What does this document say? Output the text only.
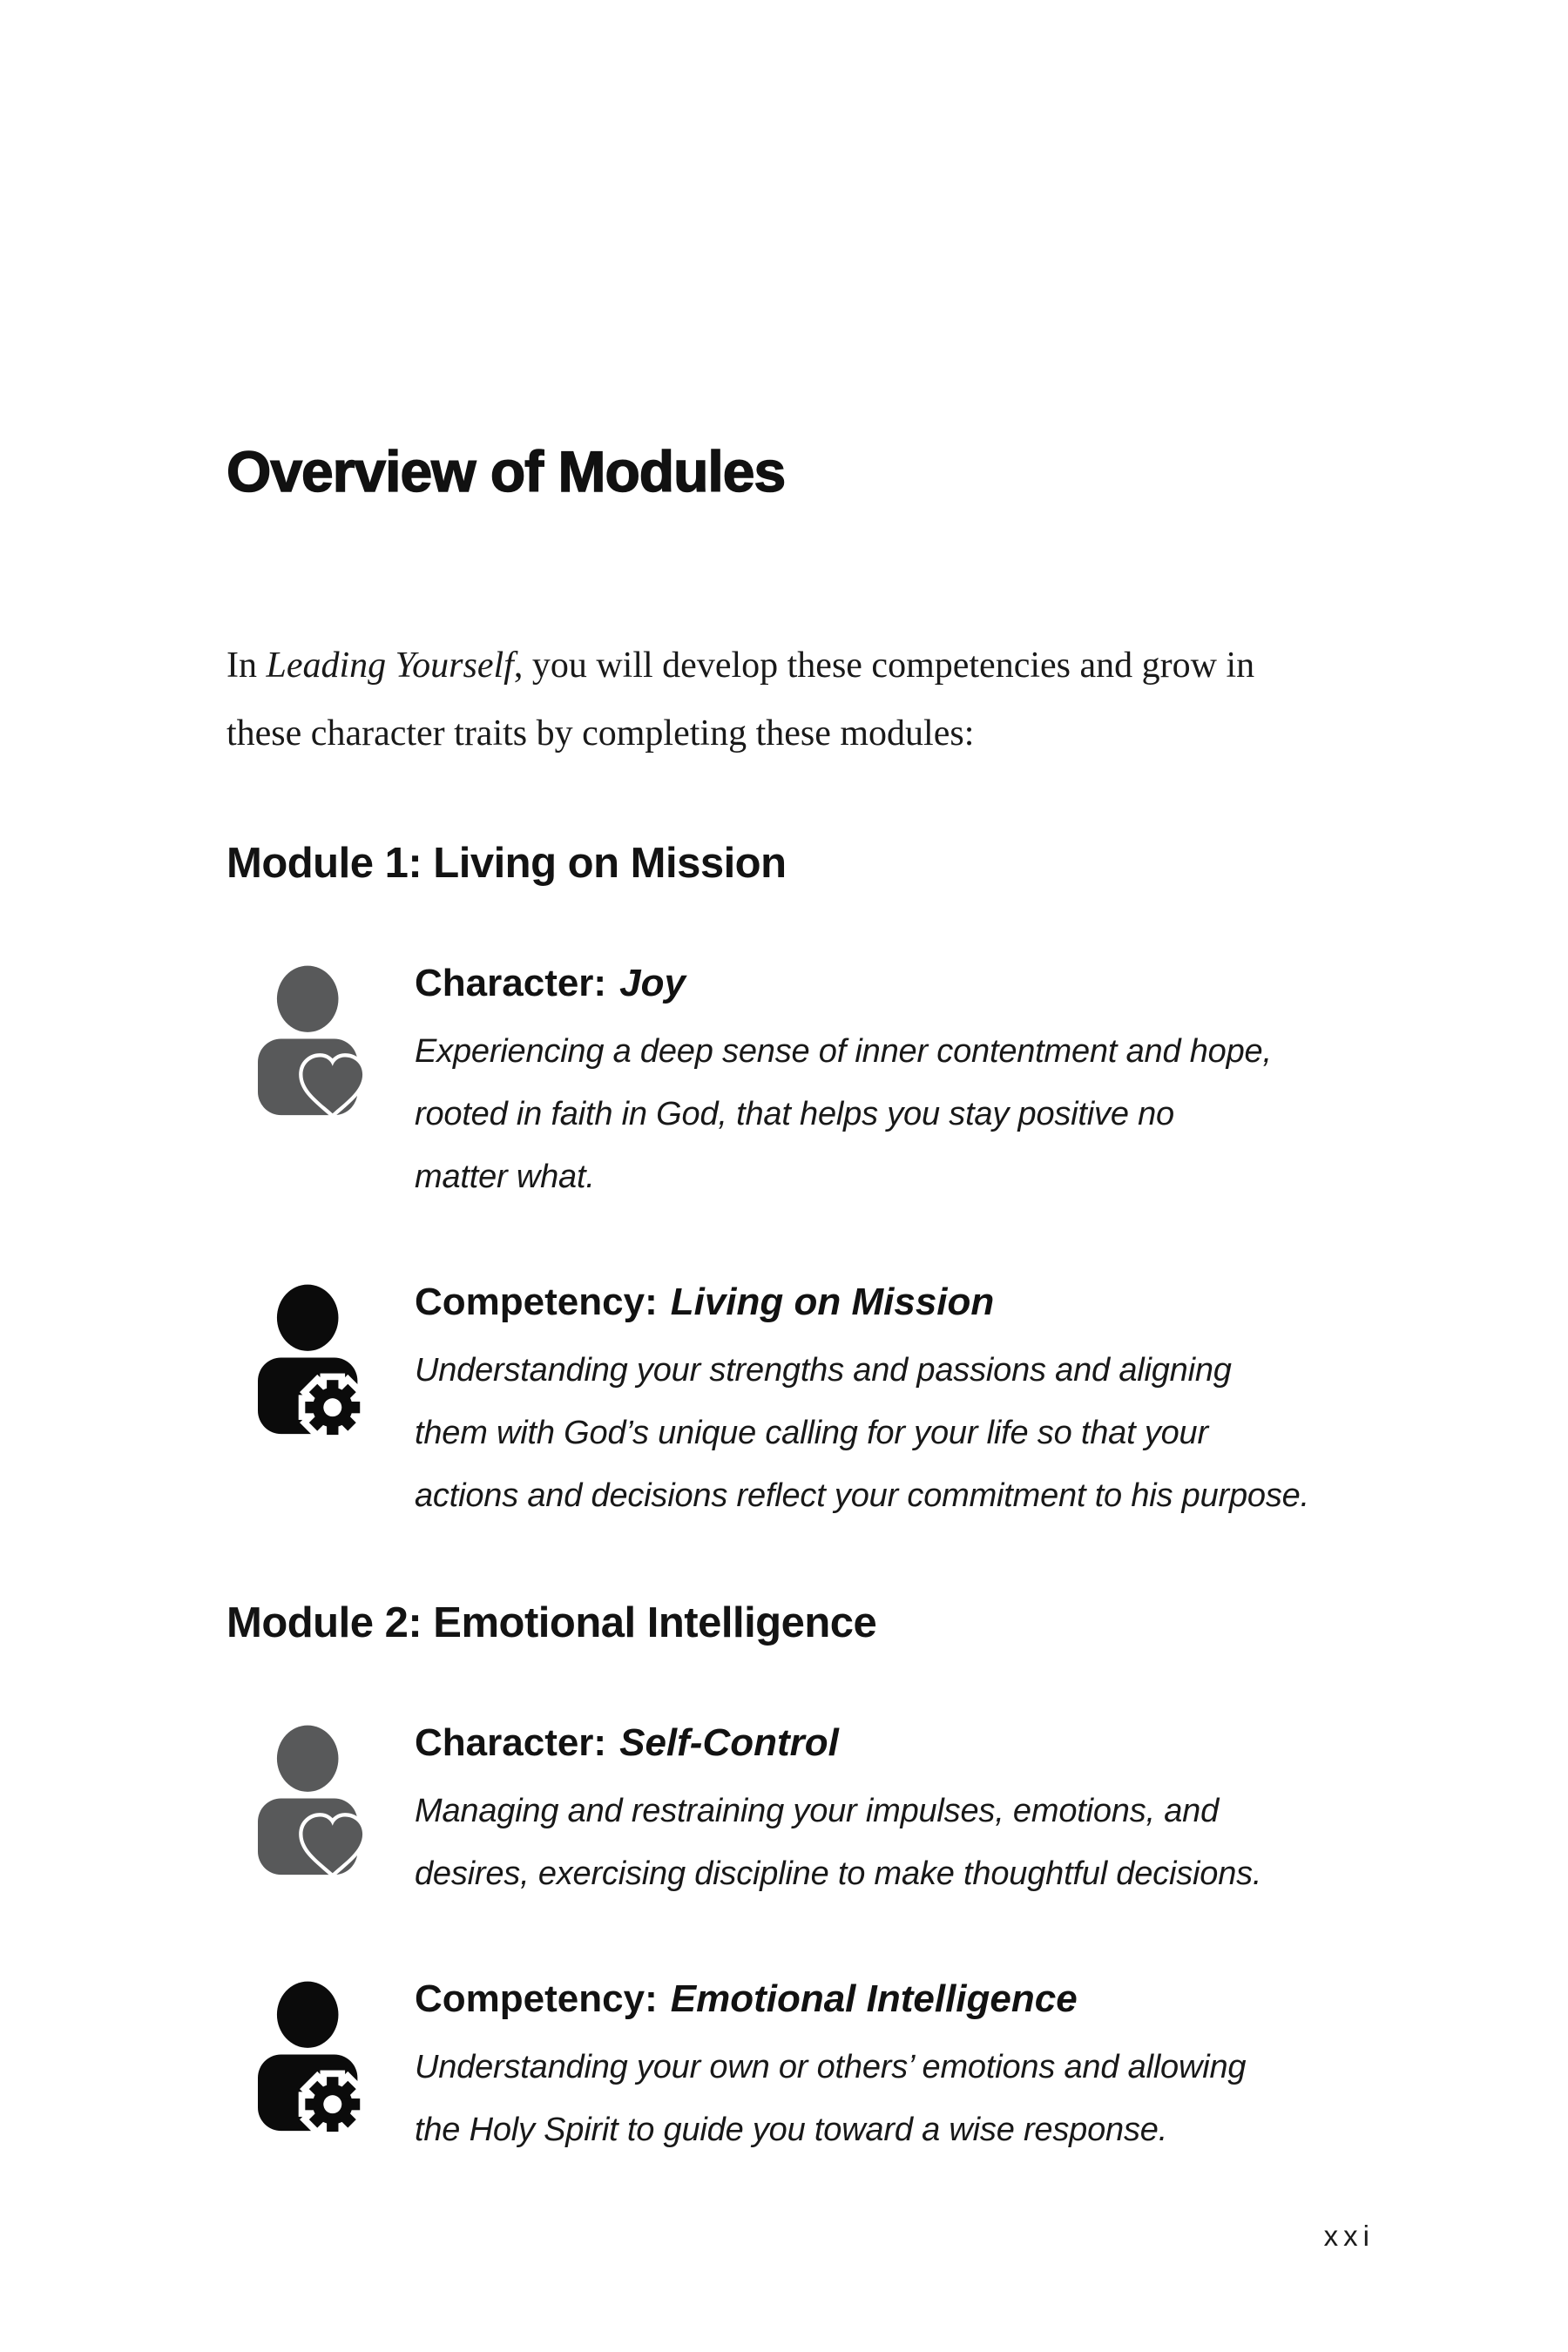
Overview of Modules
In Leading Yourself, you will develop these competencies and grow in
these character traits by completing these modules:
Module 1: Living on Mission
Character: Joy
Experiencing a deep sense of inner contentment and hope,
rooted in faith in God, that helps you stay positive no
matter what.
Competency: Living on Mission
Understanding your strengths and passions and aligning
them with God’s unique calling for your life so that your
actions and decisions reflect your commitment to his purpose.
Module 2: Emotional Intelligence
Character: Self-Control
Managing and restraining your impulses, emotions, and
desires, exercising discipline to make thoughtful decisions.
Competency: Emotional Intelligence
Understanding your own or others’ emotions and allowing
the Holy Spirit to guide you toward a wise response.
xxi
